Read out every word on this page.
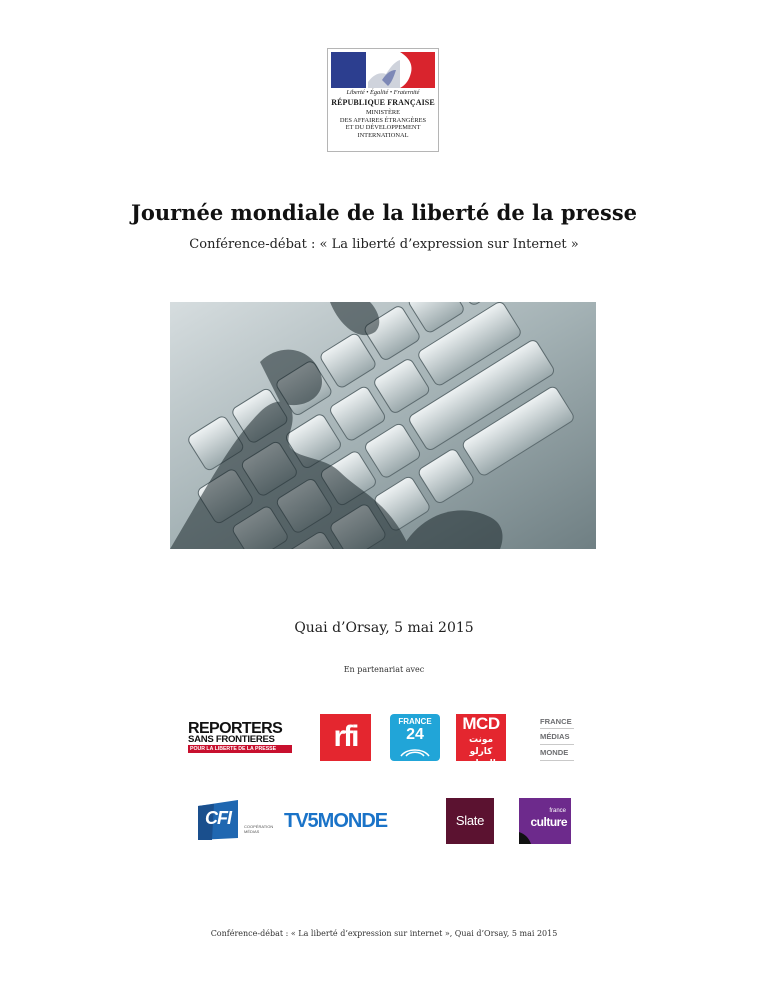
Liberté • Égalité • Fraternité
RÉPUBLIQUE FRANÇAISE
MINISTÈRE
DES AFFAIRES ÉTRANGÈRES
ET DU DÉVELOPPEMENT
INTERNATIONAL
Journée mondiale de la liberté de la presse
Conférence-débat : « La liberté d’expression sur Internet »
Quai d’Orsay, 5 mai 2015
En partenariat avec
REPORTERS
SANS FRONTIERES
POUR LA LIBERTE DE LA PRESSE	rfi	FRANCE
24
MCD
مونت كارلو
الدولية
FRANCE
MÉDIAS
MONDE
CFI	COOPÉRATION
MÉDIAS	TV5MONDE	Slate
france
culture
Conférence-débat : « La liberté d’expression sur internet », Quai d’Orsay, 5 mai 2015
